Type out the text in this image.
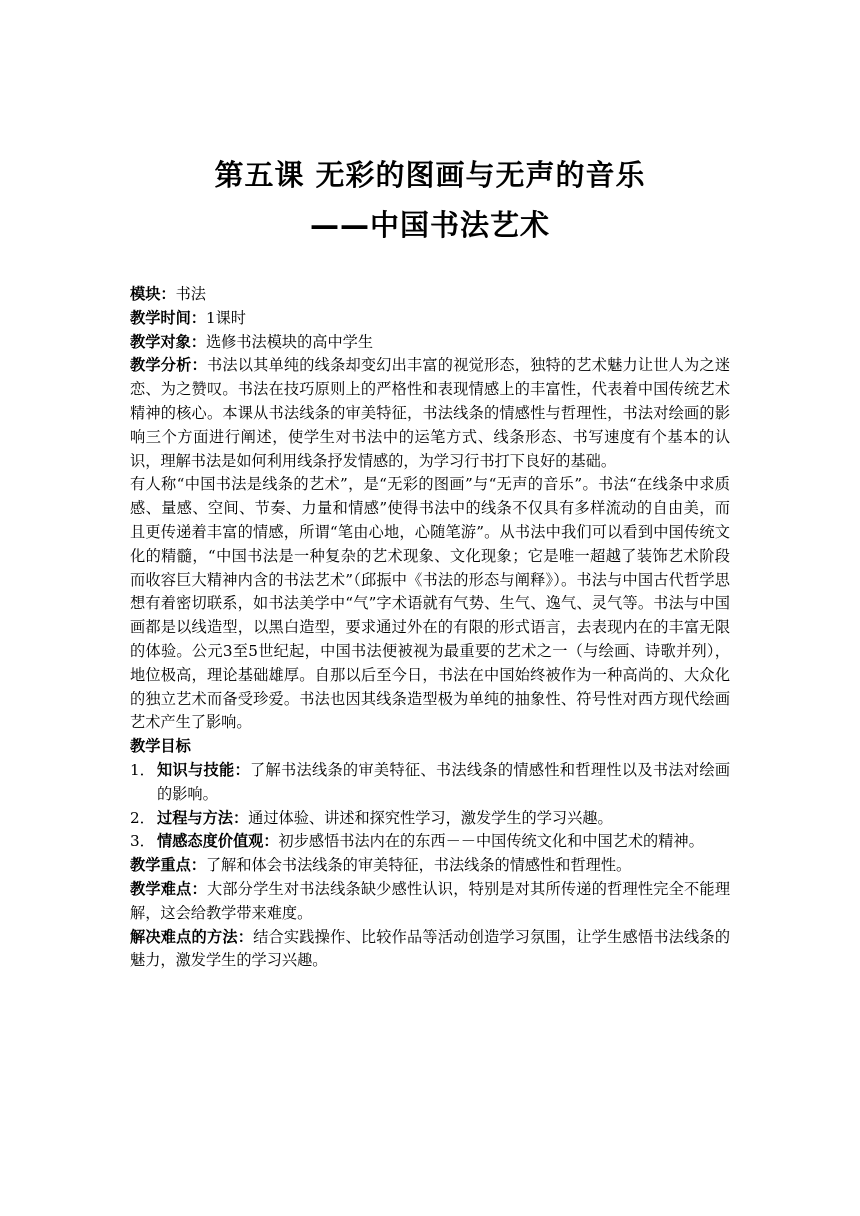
第五课 无彩的图画与无声的音乐
——中国书法艺术

模块：书法

教学时间：1课时

教学对象：选修书法模块的高中学生

教学分析：书法以其单纯的线条却变幻出丰富的视觉形态，独特的艺术魅力让世人为之迷恋、为之赞叹。书法在技巧原则上的严格性和表现情感上的丰富性，代表着中国传统艺术精神的核心。本课从书法线条的审美特征，书法线条的情感性与哲理性，书法对绘画的影响三个方面进行阐述，使学生对书法中的运笔方式、线条形态、书写速度有个基本的认识，理解书法是如何利用线条抒发情感的，为学习行书打下良好的基础。

有人称“中国书法是线条的艺术”，是“无彩的图画”与“无声的音乐”。书法“在线条中求质感、量感、空间、节奏、力量和情感”使得书法中的线条不仅具有多样流动的自由美，而且更传递着丰富的情感，所谓“笔由心地，心随笔游”。从书法中我们可以看到中国传统文化的精髓，“中国书法是一种复杂的艺术现象、文化现象；它是唯一超越了装饰艺术阶段而收容巨大精神内含的书法艺术”（邱振中《书法的形态与阐释》）。书法与中国古代哲学思想有着密切联系，如书法美学中“气”字术语就有气势、生气、逸气、灵气等。书法与中国画都是以线造型，以黑白造型，要求通过外在的有限的形式语言，去表现内在的丰富无限的体验。公元3至5世纪起，中国书法便被视为最重要的艺术之一（与绘画、诗歌并列），地位极高，理论基础雄厚。自那以后至今日，书法在中国始终被作为一种高尚的、大众化的独立艺术而备受珍爱。书法也因其线条造型极为单纯的抽象性、符号性对西方现代绘画艺术产生了影响。

教学目标

1． 知识与技能：了解书法线条的审美特征、书法线条的情感性和哲理性以及书法对绘画的影响。
2． 过程与方法：通过体验、讲述和探究性学习，激发学生的学习兴趣。
3． 情感态度价值观：初步感悟书法内在的东西－－中国传统文化和中国艺术的精神。

教学重点：了解和体会书法线条的审美特征，书法线条的情感性和哲理性。

教学难点：大部分学生对书法线条缺少感性认识，特别是对其所传递的哲理性完全不能理解，这会给教学带来难度。

解决难点的方法：结合实践操作、比较作品等活动创造学习氛围，让学生感悟书法线条的魅力，激发学生的学习兴趣。
